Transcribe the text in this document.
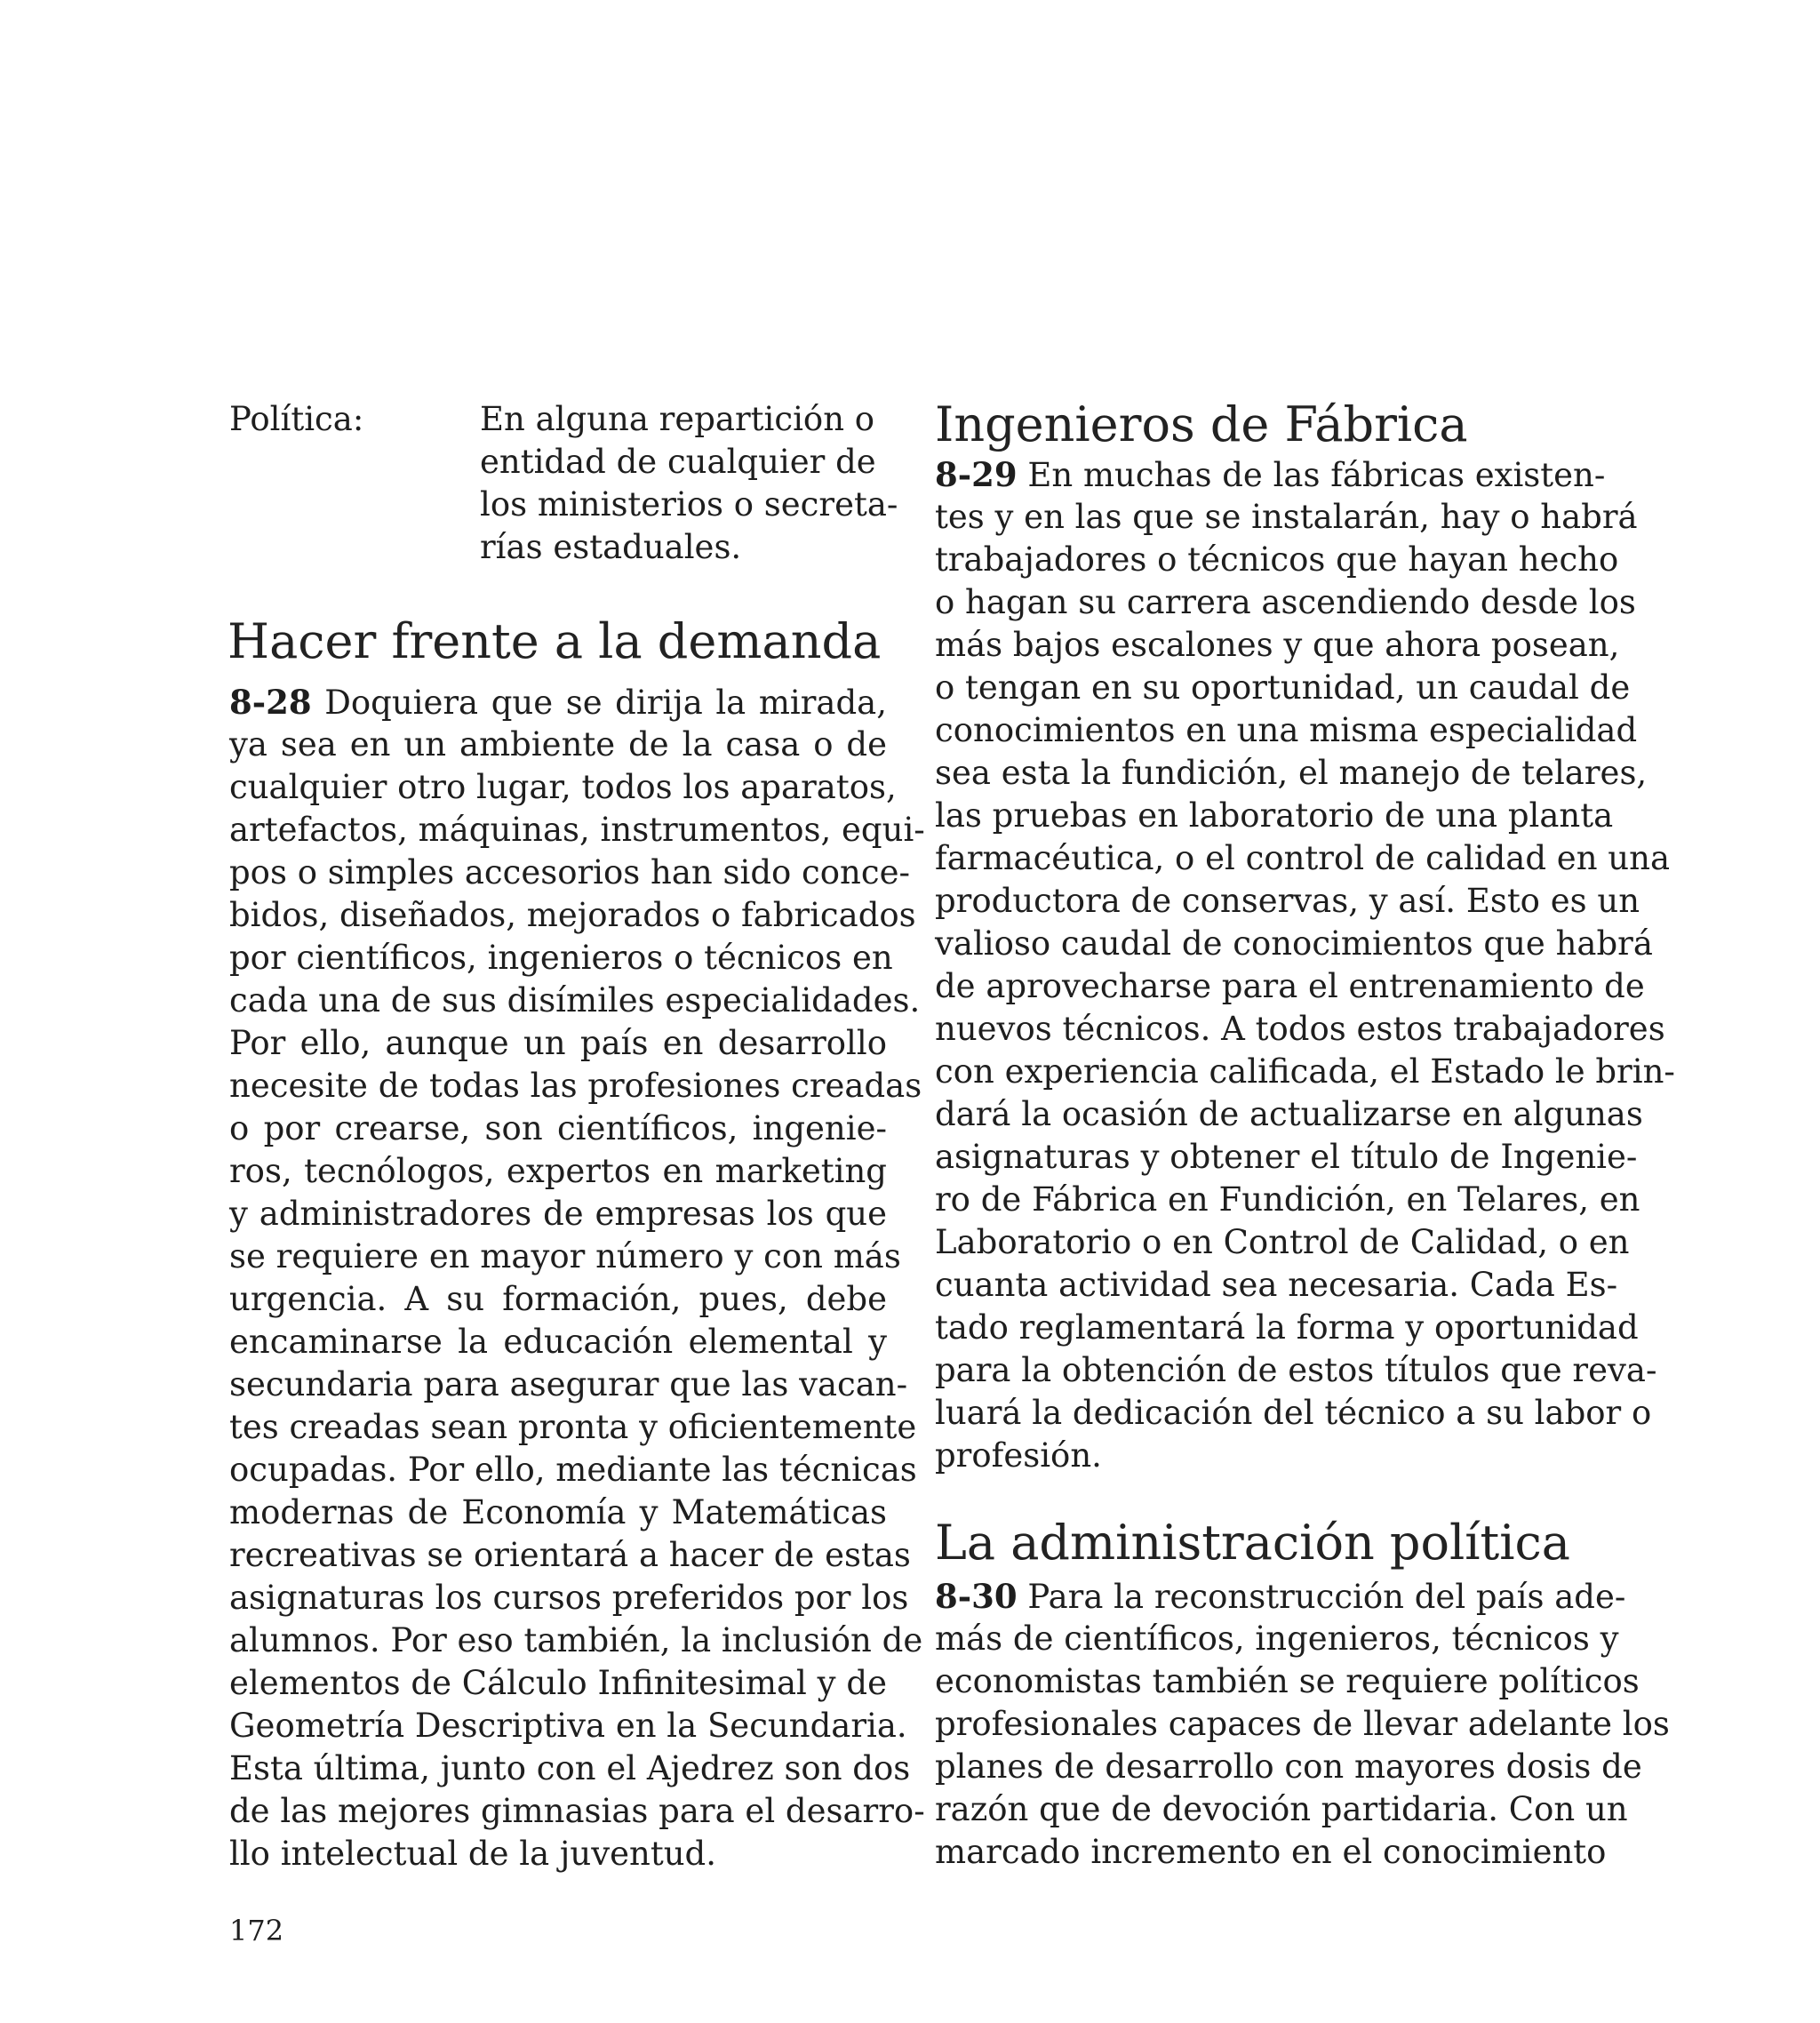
Política:	En alguna repartición o
entidad de cualquier de
los ministerios o secreta-
rías estaduales.
Hacer frente a la demanda
8-28 Doquiera que se dirija la mirada,
ya sea en un ambiente de la casa o de
cualquier otro lugar, todos los aparatos,
artefactos, máquinas, instrumentos, equi-
pos o simples accesorios han sido conce-
bidos, diseñados, mejorados o fabricados
por científicos, ingenieros o técnicos en
cada una de sus disímiles especialidades.
Por ello, aunque un país en desarrollo
necesite de todas las profesiones creadas
o por crearse, son científicos, ingenie-
ros, tecnólogos, expertos en marketing
y administradores de empresas los que
se requiere en mayor número y con más
urgencia. A su formación, pues, debe
encaminarse la educación elemental y
secundaria para asegurar que las vacan-
tes creadas sean pronta y oficientemente
ocupadas. Por ello, mediante las técnicas
modernas de Economía y Matemáticas
recreativas se orientará a hacer de estas
asignaturas los cursos preferidos por los
alumnos. Por eso también, la inclusión de
elementos de Cálculo Infinitesimal y de
Geometría Descriptiva en la Secundaria.
Esta última, junto con el Ajedrez son dos
de las mejores gimnasias para el desarro-
llo intelectual de la juventud.
Ingenieros de Fábrica
8-29 En muchas de las fábricas existen-
tes y en las que se instalarán, hay o habrá
trabajadores o técnicos que hayan hecho
o hagan su carrera ascendiendo desde los
más bajos escalones y que ahora posean,
o tengan en su oportunidad, un caudal de
conocimientos en una misma especialidad
sea esta la fundición, el manejo de telares,
las pruebas en laboratorio de una planta
farmacéutica, o el control de calidad en una
productora de conservas, y así. Esto es un
valioso caudal de conocimientos que habrá
de aprovecharse para el entrenamiento de
nuevos técnicos. A todos estos trabajadores
con experiencia calificada, el Estado le brin-
dará la ocasión de actualizarse en algunas
asignaturas y obtener el título de Ingenie-
ro de Fábrica en Fundición, en Telares, en
Laboratorio o en Control de Calidad, o en
cuanta actividad sea necesaria. Cada Es-
tado reglamentará la forma y oportunidad
para la obtención de estos títulos que reva-
luará la dedicación del técnico a su labor o
profesión.
La administración política
8-30 Para la reconstrucción del país ade-
más de científicos, ingenieros, técnicos y
economistas también se requiere políticos
profesionales capaces de llevar adelante los
planes de desarrollo con mayores dosis de
razón que de devoción partidaria. Con un
marcado incremento en el conocimiento
172
